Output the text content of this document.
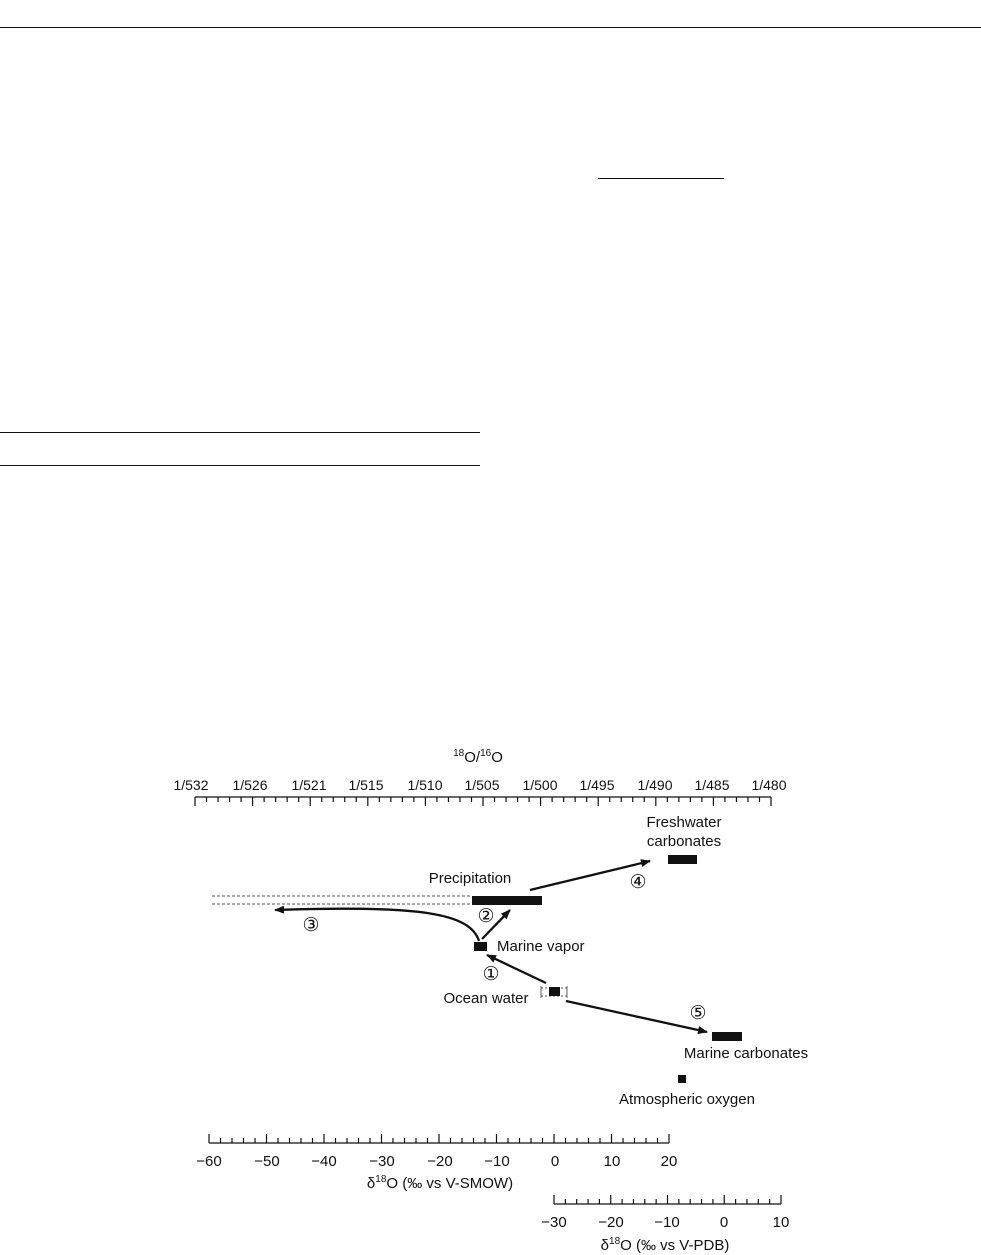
$^{18}$O/$^{16}$O
1/532 1/526 1/521 1/515 1/510 1/505 1/500 1/495 1/490 1/485 1/480
①
②
③
④
⑤
Freshwater
carbonates
Precipitation
Marine vapor
Ocean water
Marine carbonates
Atmospheric oxygen
−60 −50 −40 −30 −20 −10	0	10	20
$\delta^{18}O$ (‰ vs V-SMOW)
−30 −20 −10	0	10
$\delta^{18}O$ (‰ vs V-PDB)
